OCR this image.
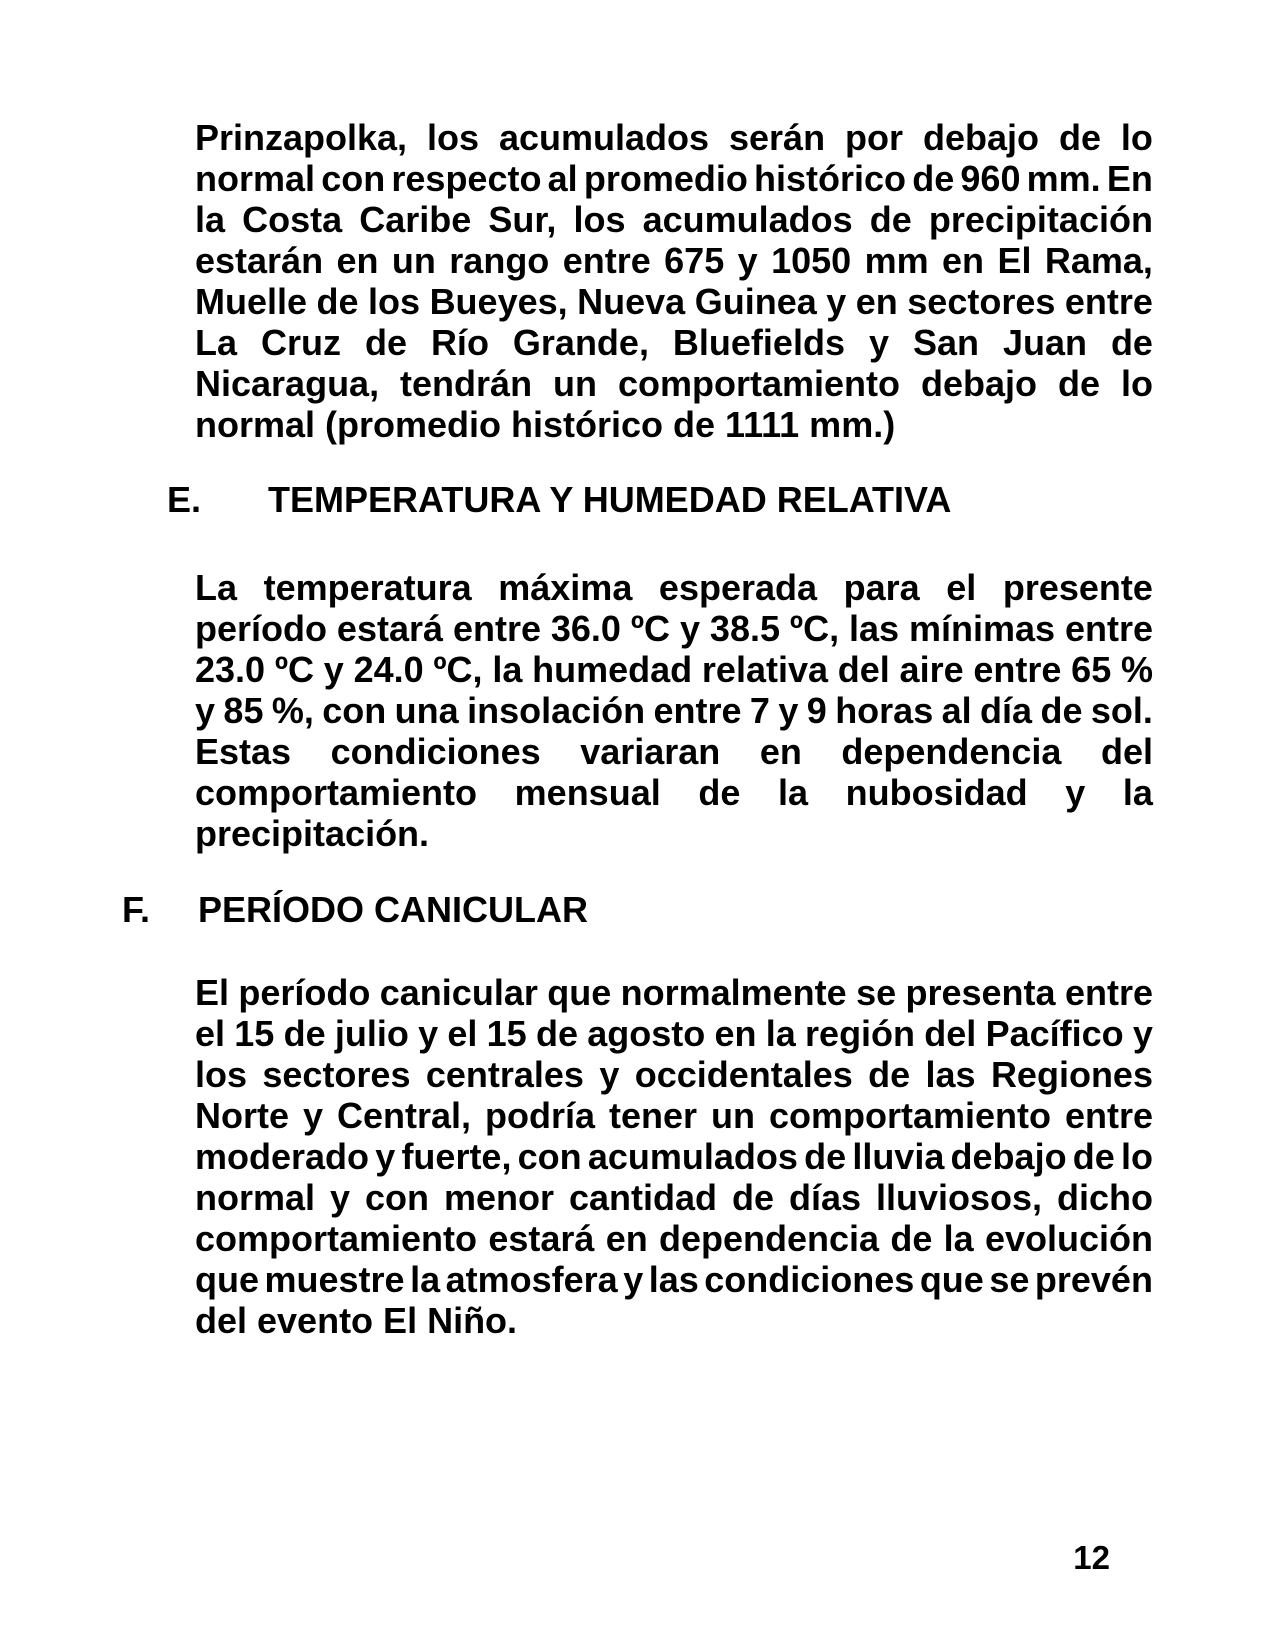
Prinzapolka, los acumulados serán por debajo de lo
normal con respecto al promedio histórico de 960 mm. En
la Costa Caribe Sur, los acumulados de precipitación
estarán en un rango entre 675 y 1050 mm en El Rama,
Muelle de los Bueyes, Nueva Guinea y en sectores entre
La Cruz de Río Grande, Bluefields y San Juan de
Nicaragua, tendrán un comportamiento debajo de lo
normal (promedio histórico de 1111 mm.)
E.	TEMPERATURA Y HUMEDAD RELATIVA
La temperatura máxima esperada para el presente
período estará entre 36.0 ºC y 38.5 ºC, las mínimas entre
23.0 ºC y 24.0 ºC, la humedad relativa del aire entre 65 %
y 85 %, con una insolación entre 7 y 9 horas al día de sol.
Estas condiciones variaran en dependencia del
comportamiento mensual de la nubosidad y la
precipitación.
F.	PERÍODO CANICULAR
El período canicular que normalmente se presenta entre
el 15 de julio y el 15 de agosto en la región del Pacífico y
los sectores centrales y occidentales de las Regiones
Norte y Central, podría tener un comportamiento entre
moderado y fuerte, con acumulados de lluvia debajo de lo
normal y con menor cantidad de días lluviosos, dicho
comportamiento estará en dependencia de la evolución
que muestre la atmosfera y las condiciones que se prevén
del evento El Niño.
12
